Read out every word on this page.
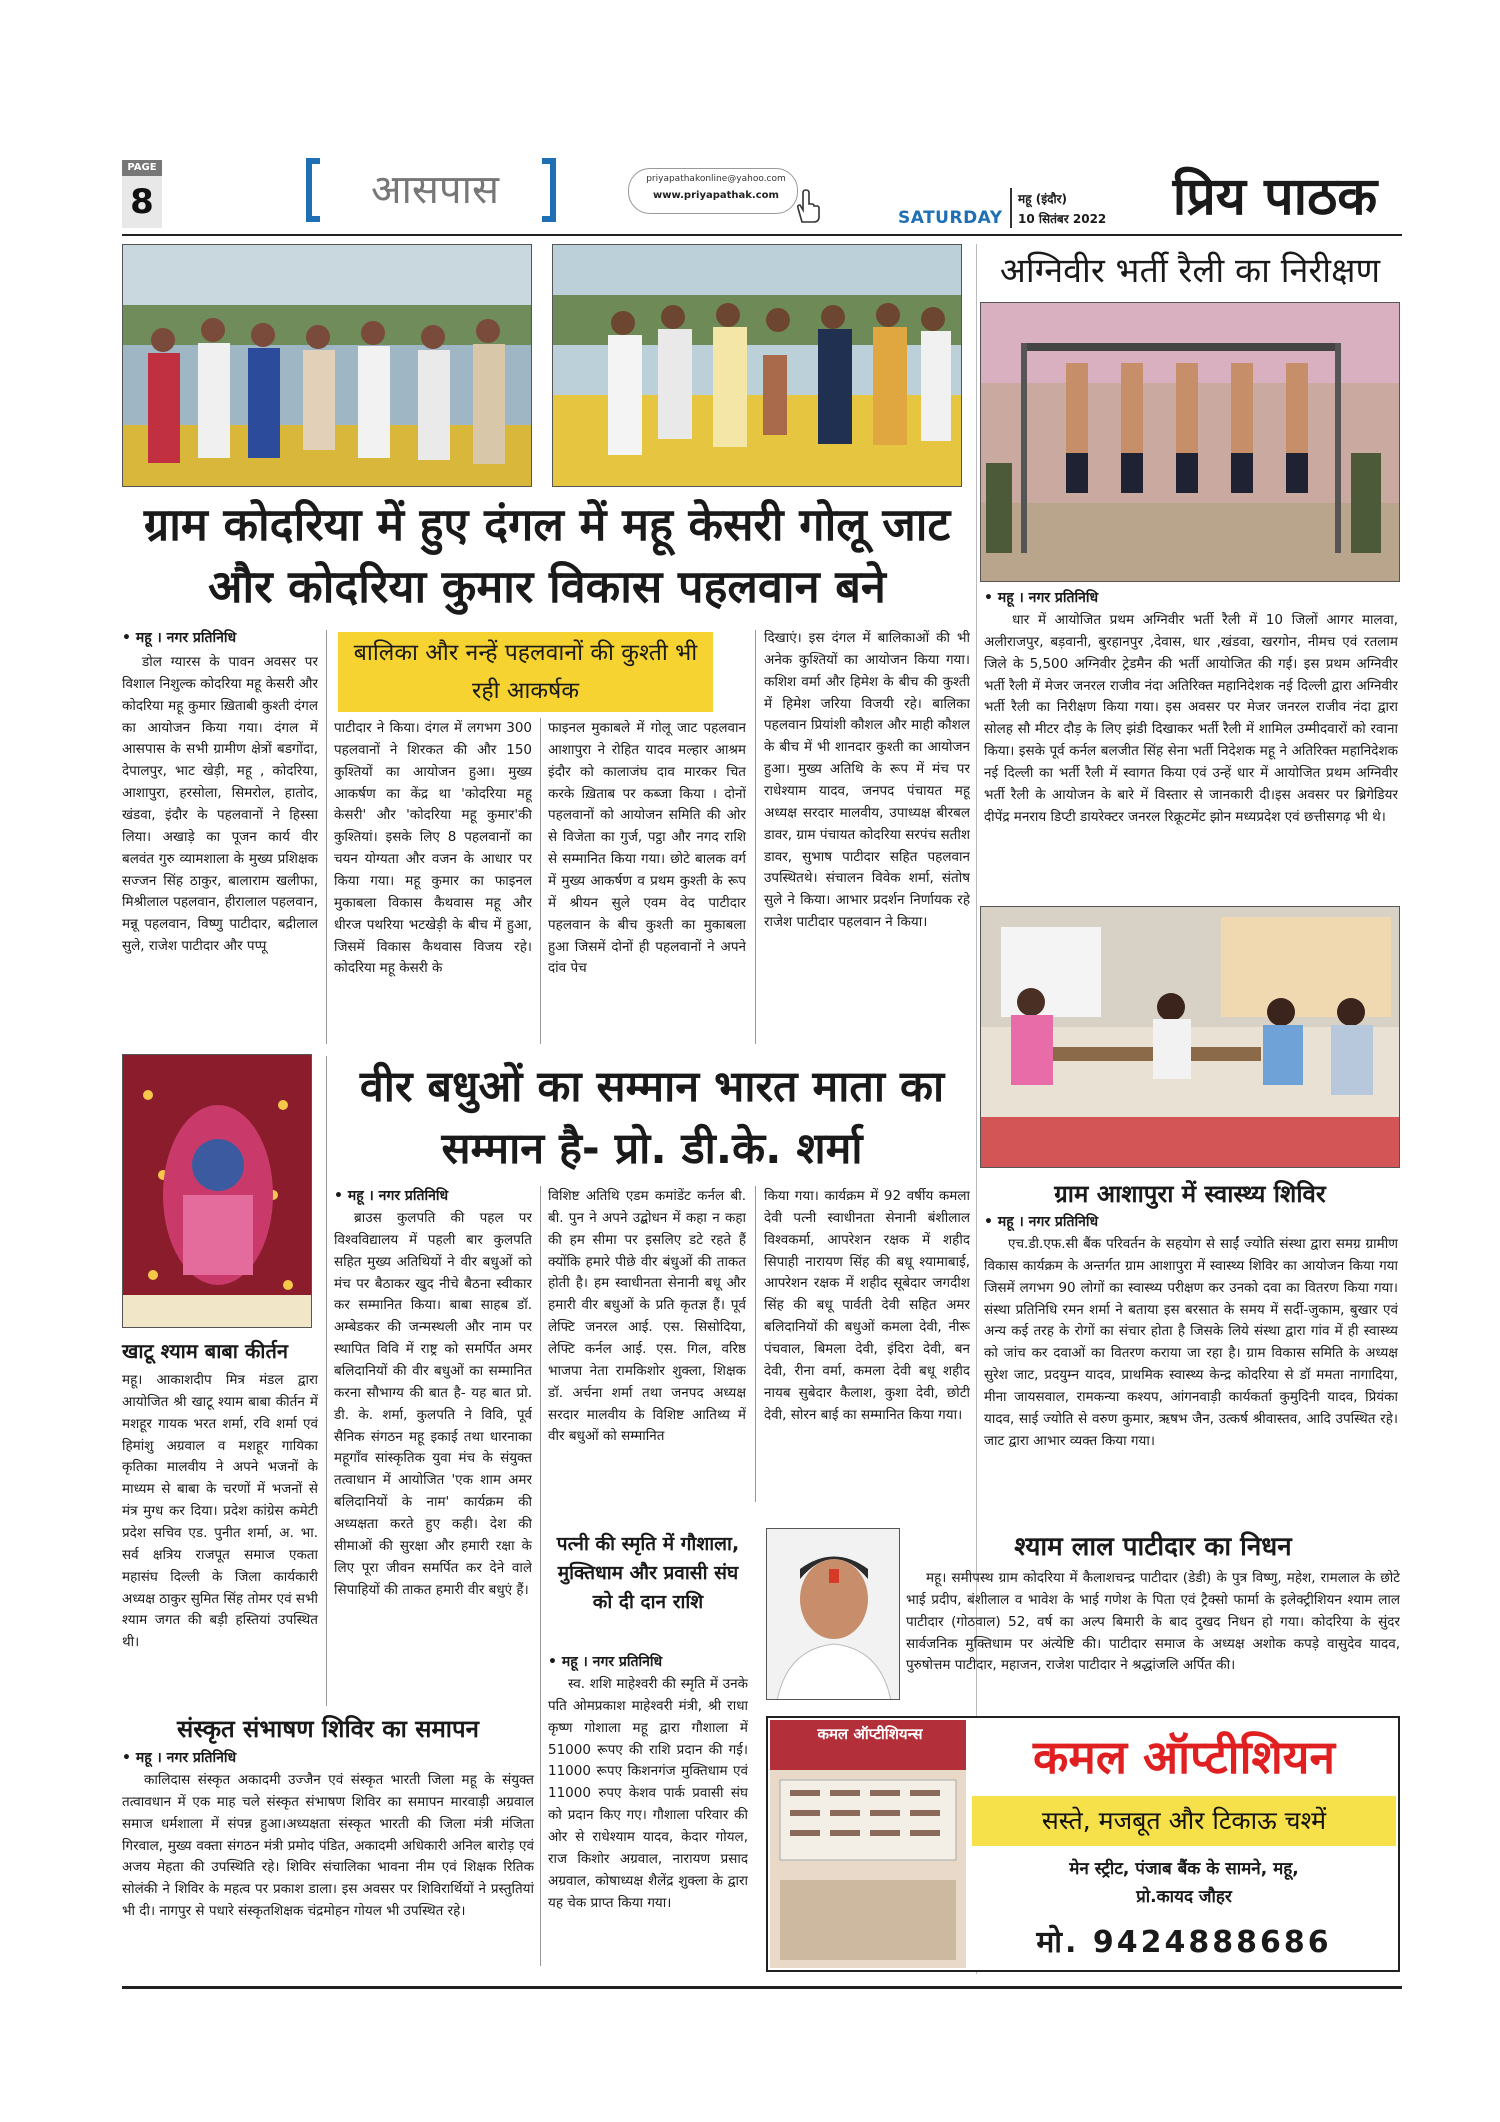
PAGE
8	आसपास	priyapathakonline@yahoo.com
www.priyapathak.com
SATURDAY
महू (इंदौर)
10 सितंबर 2022	प्रिय पाठक
अग्निवीर भर्ती रैली का निरीक्षण
• महू । नगर प्रतिनिधि
धार में आयोजित प्रथम अग्निवीर भर्ती रैली में 10 जिलों आगर मालवा, अलीराजपुर, बड़वानी, बुरहानपुर ,देवास, धार ,खंडवा, खरगोन, नीमच एवं रतलाम जिले के 5,500 अग्निवीर ट्रेडमैन की भर्ती आयोजित की गई। इस प्रथम अग्निवीर भर्ती रैली में मेजर जनरल राजीव नंदा अतिरिक्त महानिदेशक नई दिल्ली द्वारा अग्निवीर भर्ती रैली का निरीक्षण किया गया। इस अवसर पर मेजर जनरल राजीव नंदा द्वारा सोलह सौ मीटर दौड़ के लिए झंडी दिखाकर भर्ती रैली में शामिल उम्मीदवारों को रवाना किया। इसके पूर्व कर्नल बलजीत सिंह सेना भर्ती निदेशक महू ने अतिरिक्त महानिदेशक नई दिल्ली का भर्ती रैली में स्वागत किया एवं उन्हें धार में आयोजित प्रथम अग्निवीर भर्ती रैली के आयोजन के बारे में विस्तार से जानकारी दी।इस अवसर पर ब्रिगेडियर दीपेंद्र मनराय डिप्टी डायरेक्टर जनरल रिक्रूटमेंट झोन मध्यप्रदेश एवं छत्तीसगढ़ भी थे।
ग्राम कोदरिया में हुए दंगल में महू केसरी गोलू जाट और कोदरिया कुमार विकास पहलवान बने
बालिका और नन्हें पहलवानों की कुश्ती भी रही आकर्षक
• महू । नगर प्रतिनिधि
डोल ग्यारस के पावन अवसर पर विशाल निशुल्क कोदरिया महू केसरी और कोदरिया महू कुमार ख़िताबी कुश्ती दंगल का आयोजन किया गया। दंगल में आसपास के सभी ग्रामीण क्षेत्रों बडगोंदा, देपालपुर, भाट खेड़ी, महू , कोदरिया, आशापुरा, हरसोला, सिमरोल, हातोद, खंडवा, इंदौर के पहलवानों ने हिस्सा लिया। अखाड़े का पूजन कार्य वीर बलवंत गुरु व्यामशाला के मुख्य प्रशिक्षक सज्जन सिंह ठाकुर, बालाराम खलीफा, मिश्रीलाल पहलवान, हीरालाल पहलवान, मन्नू पहलवान, विष्णु पाटीदार, बद्रीलाल सुले, राजेश पाटीदार और पप्पू
पाटीदार ने किया। दंगल में लगभग 300 पहलवानों ने शिरकत की और 150 कुश्तियों का आयोजन हुआ। मुख्य आकर्षण का केंद्र था 'कोदरिया महू केसरी' और 'कोदरिया महू कुमार'की कुश्तियां। इसके लिए 8 पहलवानों का चयन योग्यता और वजन के आधार पर किया गया। महू कुमार का फाइनल मुकाबला विकास कैथवास महू और धीरज पथरिया भटखेड़ी के बीच में हुआ, जिसमें विकास कैथवास विजय रहे। कोदरिया महू केसरी के
फाइनल मुकाबले में गोलू जाट पहलवान आशापुरा ने रोहित यादव मल्हार आश्रम इंदौर को कालाजंघ दाव मारकर चित करके ख़िताब पर कब्जा किया । दोनों पहलवानों को आयोजन समिति की ओर से विजेता का गुर्ज, पट्ठा और नगद राशि से सम्मानित किया गया। छोटे बालक वर्ग में मुख्य आकर्षण व प्रथम कुश्ती के रूप में श्रीयन सुले एवम वेद पाटीदार पहलवान के बीच कुश्ती का मुकाबला हुआ जिसमें दोनों ही पहलवानों ने अपने दांव पेच
दिखाएं। इस दंगल में बालिकाओं की भी अनेक कुश्तियों का आयोजन किया गया। कशिश वर्मा और हिमेश के बीच की कुश्ती में हिमेश जरिया विजयी रहे। बालिका पहलवान प्रियांशी कौशल और माही कौशल के बीच में भी शानदार कुश्ती का आयोजन हुआ। मुख्य अतिथि के रूप में मंच पर राधेश्याम यादव, जनपद पंचायत महू अध्यक्ष सरदार मालवीय, उपाध्यक्ष बीरबल डावर, ग्राम पंचायत कोदरिया सरपंच सतीश डावर, सुभाष पाटीदार सहित पहलवान उपस्थितथे। संचालन विवेक शर्मा, संतोष सुले ने किया। आभार प्रदर्शन निर्णायक रहे राजेश पाटीदार पहलवान ने किया।
ग्राम आशापुरा में स्वास्थ्य शिविर
• महू । नगर प्रतिनिधि
एच.डी.एफ.सी बैंक परिवर्तन के सहयोग से साईं ज्योति संस्था द्वारा समग्र ग्रामीण विकास कार्यक्रम के अन्तर्गत ग्राम आशापुरा में स्वास्थ्य शिविर का आयोजन किया गया जिसमें लगभग 90 लोगों का स्वास्थ्य परीक्षण कर उनको दवा का वितरण किया गया। संस्था प्रतिनिधि रमन शर्मा ने बताया इस बरसात के समय में सर्दी-जुकाम, बुखार एवं अन्य कई तरह के रोगों का संचार होता है जिसके लिये संस्था द्वारा गांव में ही स्वास्थ्य को जांच कर दवाओं का वितरण कराया जा रहा है। ग्राम विकास समिति के अध्यक्ष सुरेश जाट, प्रदयुम्न यादव, प्राथमिक स्वास्थ्य केन्द्र कोदरिया से डॉ ममता नागादिया, मीना जायसवाल, रामकन्या कश्यप, आंगनवाड़ी कार्यकर्ता कुमुदिनी यादव, प्रियंका यादव, साई ज्योति से वरुण कुमार, ऋषभ जैन, उत्कर्ष श्रीवास्तव, आदि उपस्थित रहे। जाट द्वारा आभार व्यक्त किया गया।
खाटू श्याम बाबा कीर्तन
महू। आकाशदीप मित्र मंडल द्वारा आयोजित श्री खाटू श्याम बाबा कीर्तन में मशहूर गायक भरत शर्मा, रवि शर्मा एवं हिमांशु अग्रवाल व मशहूर गायिका कृतिका मालवीय ने अपने भजनों के माध्यम से बाबा के चरणों में भजनों से मंत्र मुग्ध कर दिया। प्रदेश कांग्रेस कमेटी प्रदेश सचिव एड. पुनीत शर्मा, अ. भा. सर्व क्षत्रिय राजपूत समाज एकता महासंघ दिल्ली के जिला कार्यकारी अध्यक्ष ठाकुर सुमित सिंह तोमर एवं सभी श्याम जगत की बड़ी हस्तियां उपस्थित थी।
वीर बधुओं का सम्मान भारत माता का सम्मान है- प्रो. डी.के. शर्मा
• महू । नगर प्रतिनिधि
ब्राउस कुलपति की पहल पर विश्वविद्यालय में पहली बार कुलपति सहित मुख्य अतिथियों ने वीर बधुओं को मंच पर बैठाकर खुद नीचे बैठना स्वीकार कर सम्मानित किया। बाबा साहब डॉ. अम्बेडकर की जन्मस्थली और नाम पर स्थापित विवि में राष्ट्र को समर्पित अमर बलिदानियों की वीर बधुओं का सम्मानित करना सौभाग्य की बात है- यह बात प्रो. डी. के. शर्मा, कुलपति ने विवि, पूर्व सैनिक संगठन महू इकाई तथा धारनाका महूगाँव सांस्कृतिक युवा मंच के संयुक्त तत्वाधान में आयोजित 'एक शाम अमर बलिदानियों के नाम' कार्यक्रम की अध्यक्षता करते हुए कही। देश की सीमाओं की सुरक्षा और हमारी रक्षा के लिए पूरा जीवन समर्पित कर देने वाले सिपाहियों की ताकत हमारी वीर बधुएं हैं।
विशिष्ट अतिथि एडम कमांडेंट कर्नल बी. बी. पुन ने अपने उद्बोधन में कहा न कहा की हम सीमा पर इसलिए डटे रहते हैं क्योंकि हमारे पीछे वीर बंधुओं की ताकत होती है। हम स्वाधीनता सेनानी बधू और हमारी वीर बधुओं के प्रति कृतज्ञ हैं। पूर्व लेफ्टि जनरल आई. एस. सिसोदिया, लेफ्टि कर्नल आई. एस. गिल, वरिष्ठ भाजपा नेता रामकिशोर शुक्ला, शिक्षक डॉ. अर्चना शर्मा तथा जनपद अध्यक्ष सरदार मालवीय के विशिष्ट आतिथ्य में वीर बधुओं को सम्मानित
किया गया। कार्यक्रम में 92 वर्षीय कमला देवी पत्नी स्वाधीनता सेनानी बंशीलाल विश्वकर्मा, आपरेशन रक्षक में शहीद सिपाही नारायण सिंह की बधू श्यामाबाई, आपरेशन रक्षक में शहीद सूबेदार जगदीश सिंह की बधू पार्वती देवी सहित अमर बलिदानियों की बधुओं कमला देवी, नीरू पंचवाल, बिमला देवी, इंदिरा देवी, बन देवी, रीना वर्मा, कमला देवी बधू शहीद नायब सुबेदार कैलाश, कुशा देवी, छोटी देवी, सोरन बाई का सम्मानित किया गया।
पत्नी की स्मृति में गौशाला, मुक्तिधाम और प्रवासी संघ को दी दान राशि
• महू । नगर प्रतिनिधि
स्व. शशि माहेश्वरी की स्मृति में उनके पति ओमप्रकाश माहेश्वरी मंत्री, श्री राधा कृष्ण गोशाला महू द्वारा गौशाला में 51000 रूपए की राशि प्रदान की गई। 11000 रूपए किशनगंज मुक्तिधाम एवं 11000 रुपए केशव पार्क प्रवासी संघ को प्रदान किए गए। गौशाला परिवार की ओर से राधेश्याम यादव, केदार गोयल, राज किशोर अग्रवाल, नारायण प्रसाद अग्रवाल, कोषाध्यक्ष शैलेंद्र शुक्ला के द्वारा यह चेक प्राप्त किया गया।
श्याम लाल पाटीदार का निधन
महू। समीपस्थ ग्राम कोदरिया में कैलाशचन्द्र पाटीदार (डेडी) के पुत्र विष्णु, महेश, रामलाल के छोटे भाई प्रदीप, बंशीलाल व भावेश के भाई गणेश के पिता एवं ट्रैक्सो फार्मा के इलेक्ट्रीशियन श्याम लाल पाटीदार (गोठवाल) 52, वर्ष का अल्प बिमारी के बाद दुखद निधन हो गया। कोदरिया के सुंदर सार्वजनिक मुक्तिधाम पर अंत्येष्टि की। पाटीदार समाज के अध्यक्ष अशोक कपड़े वासुदेव यादव, पुरुषोत्तम पाटीदार, महाजन, राजेश पाटीदार ने श्रद्धांजलि अर्पित की।
संस्कृत संभाषण शिविर का समापन
• महू । नगर प्रतिनिधि
कालिदास संस्कृत अकादमी उज्जैन एवं संस्कृत भारती जिला महू के संयुक्त तत्वावधान में एक माह चले संस्कृत संभाषण शिविर का समापन मारवाड़ी अग्रवाल समाज धर्मशाला में संपन्न हुआ।अध्यक्षता संस्कृत भारती की जिला मंत्री मंजिता गिरवाल, मुख्य वक्ता संगठन मंत्री प्रमोद पंडित, अकादमी अधिकारी अनिल बारोड़ एवं अजय मेहता की उपस्थिति रहे। शिविर संचालिका भावना नीम एवं शिक्षक रितिक सोलंकी ने शिविर के महत्व पर प्रकाश डाला। इस अवसर पर शिविरार्थियों ने प्रस्तुतियां भी दी। नागपुर से पधारे संस्कृतशिक्षक चंद्रमोहन गोयल भी उपस्थित रहे।
कमल ऑप्टीशियन्स	कमल ऑप्टीशियन
सस्ते, मजबूत और टिकाऊ चश्में
मेन स्ट्रीट, पंजाब बैंक के सामने, महू,
प्रो.कायद जौहर
मो. 9424888686
